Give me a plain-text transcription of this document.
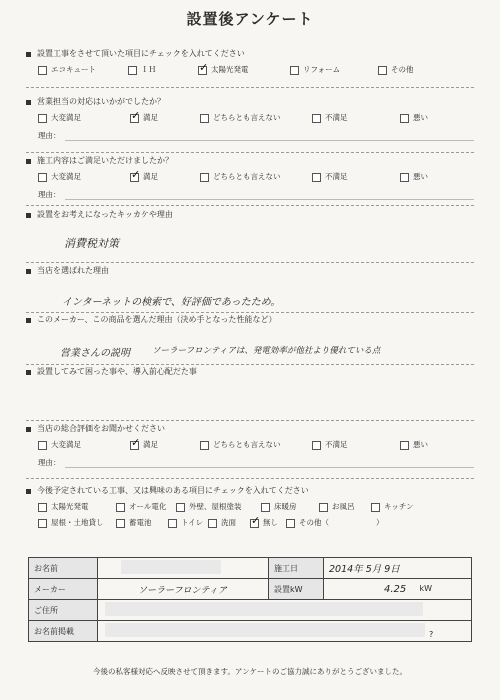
設置後アンケート
設置工事をさせて頂いた項目にチェックを入れてください
エコキュート	ＩＨ	✓ 太陽光発電	リフォーム	その他
営業担当の対応はいかがでしたか？
大変満足	✓ 満足	どちらとも言えない	不満足	悪い
理由：
施工内容はご満足いただけましたか？
大変満足	✓ 満足	どちらとも言えない	不満足	悪い
理由：
設置をお考えになったキッカケや理由
消費税対策
当店を選ばれた理由
インターネットの検索で、好評価であったため。
このメーカー、この商品を選んだ理由（決め手となった性能など）
営業さんの説明	ソーラーフロンティアは、発電効率が他社より優れている点
設置してみて困った事や、導入前心配だた事
当店の総合評価をお聞かせください
大変満足	✓ 満足	どちらとも言えない	不満足	悪い
理由：
今後予定されている工事、又は興味のある項目にチェックを入れてください
太陽光発電	オール電化	外壁、屋根塗装	床暖房	お風呂	キッチン
屋根・土地貸し	蓄電池	トイレ 洗面 ✓ 無し	その他（	）
お名前		施工日	2014年 5月 9日
メーカー	ソーラーフロンティア	設置kW	4.25 kW

ご住所			
お名前掲載	?		
今後の私客様対応へ反映させて頂きます。アンケートのご協力誠にありがとうございました。
